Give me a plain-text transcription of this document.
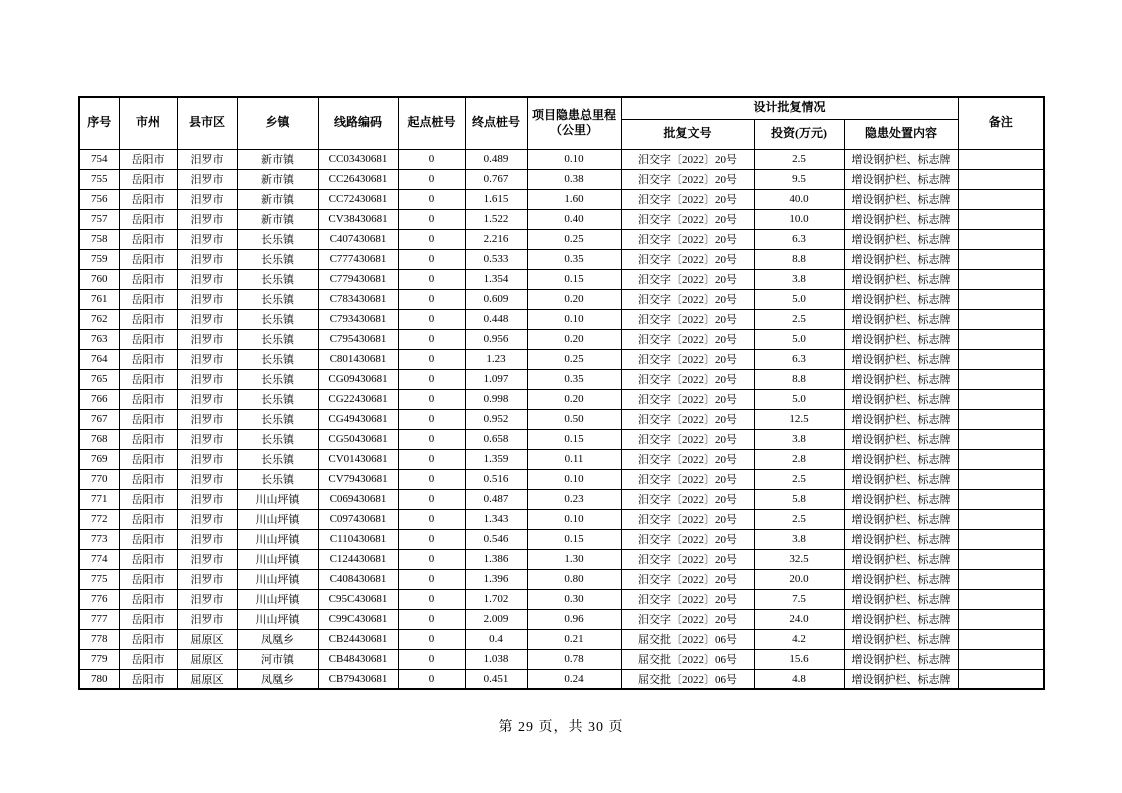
序号	市州	县市区	乡镇	线路编码	起点桩号	终点桩号	项目隐患总里程（公里）	设计批复情况			备注
								批复文号	投资(万元)	隐患处置内容	
754	岳阳市	汨罗市	新市镇	CC03430681	0	0.489	0.10	汨交字〔2022〕20号	2.5	增设钢护栏、标志牌	
755	岳阳市	汨罗市	新市镇	CC26430681	0	0.767	0.38	汨交字〔2022〕20号	9.5	增设钢护栏、标志牌	
756	岳阳市	汨罗市	新市镇	CC72430681	0	1.615	1.60	汨交字〔2022〕20号	40.0	增设钢护栏、标志牌	
757	岳阳市	汨罗市	新市镇	CV38430681	0	1.522	0.40	汨交字〔2022〕20号	10.0	增设钢护栏、标志牌	
758	岳阳市	汨罗市	长乐镇	C407430681	0	2.216	0.25	汨交字〔2022〕20号	6.3	增设钢护栏、标志牌	
759	岳阳市	汨罗市	长乐镇	C777430681	0	0.533	0.35	汨交字〔2022〕20号	8.8	增设钢护栏、标志牌	
760	岳阳市	汨罗市	长乐镇	C779430681	0	1.354	0.15	汨交字〔2022〕20号	3.8	增设钢护栏、标志牌	
761	岳阳市	汨罗市	长乐镇	C783430681	0	0.609	0.20	汨交字〔2022〕20号	5.0	增设钢护栏、标志牌	
762	岳阳市	汨罗市	长乐镇	C793430681	0	0.448	0.10	汨交字〔2022〕20号	2.5	增设钢护栏、标志牌	
763	岳阳市	汨罗市	长乐镇	C795430681	0	0.956	0.20	汨交字〔2022〕20号	5.0	增设钢护栏、标志牌	
764	岳阳市	汨罗市	长乐镇	C801430681	0	1.23	0.25	汨交字〔2022〕20号	6.3	增设钢护栏、标志牌	
765	岳阳市	汨罗市	长乐镇	CG09430681	0	1.097	0.35	汨交字〔2022〕20号	8.8	增设钢护栏、标志牌	
766	岳阳市	汨罗市	长乐镇	CG22430681	0	0.998	0.20	汨交字〔2022〕20号	5.0	增设钢护栏、标志牌	
767	岳阳市	汨罗市	长乐镇	CG49430681	0	0.952	0.50	汨交字〔2022〕20号	12.5	增设钢护栏、标志牌	
768	岳阳市	汨罗市	长乐镇	CG50430681	0	0.658	0.15	汨交字〔2022〕20号	3.8	增设钢护栏、标志牌	
769	岳阳市	汨罗市	长乐镇	CV01430681	0	1.359	0.11	汨交字〔2022〕20号	2.8	增设钢护栏、标志牌	
770	岳阳市	汨罗市	长乐镇	CV79430681	0	0.516	0.10	汨交字〔2022〕20号	2.5	增设钢护栏、标志牌	
771	岳阳市	汨罗市	川山坪镇	C069430681	0	0.487	0.23	汨交字〔2022〕20号	5.8	增设钢护栏、标志牌	
772	岳阳市	汨罗市	川山坪镇	C097430681	0	1.343	0.10	汨交字〔2022〕20号	2.5	增设钢护栏、标志牌	
773	岳阳市	汨罗市	川山坪镇	C110430681	0	0.546	0.15	汨交字〔2022〕20号	3.8	增设钢护栏、标志牌	
774	岳阳市	汨罗市	川山坪镇	C124430681	0	1.386	1.30	汨交字〔2022〕20号	32.5	增设钢护栏、标志牌	
775	岳阳市	汨罗市	川山坪镇	C408430681	0	1.396	0.80	汨交字〔2022〕20号	20.0	增设钢护栏、标志牌	
776	岳阳市	汨罗市	川山坪镇	C95C430681	0	1.702	0.30	汨交字〔2022〕20号	7.5	增设钢护栏、标志牌	
777	岳阳市	汨罗市	川山坪镇	C99C430681	0	2.009	0.96	汨交字〔2022〕20号	24.0	增设钢护栏、标志牌	
778	岳阳市	屈原区	凤凰乡	CB24430681	0	0.4	0.21	屈交批〔2022〕06号	4.2	增设钢护栏、标志牌	
779	岳阳市	屈原区	河市镇	CB48430681	0	1.038	0.78	屈交批〔2022〕06号	15.6	增设钢护栏、标志牌	
780	岳阳市	屈原区	凤凰乡	CB79430681	0	0.451	0.24	屈交批〔2022〕06号	4.8	增设钢护栏、标志牌	
第 29 页，共 30 页
